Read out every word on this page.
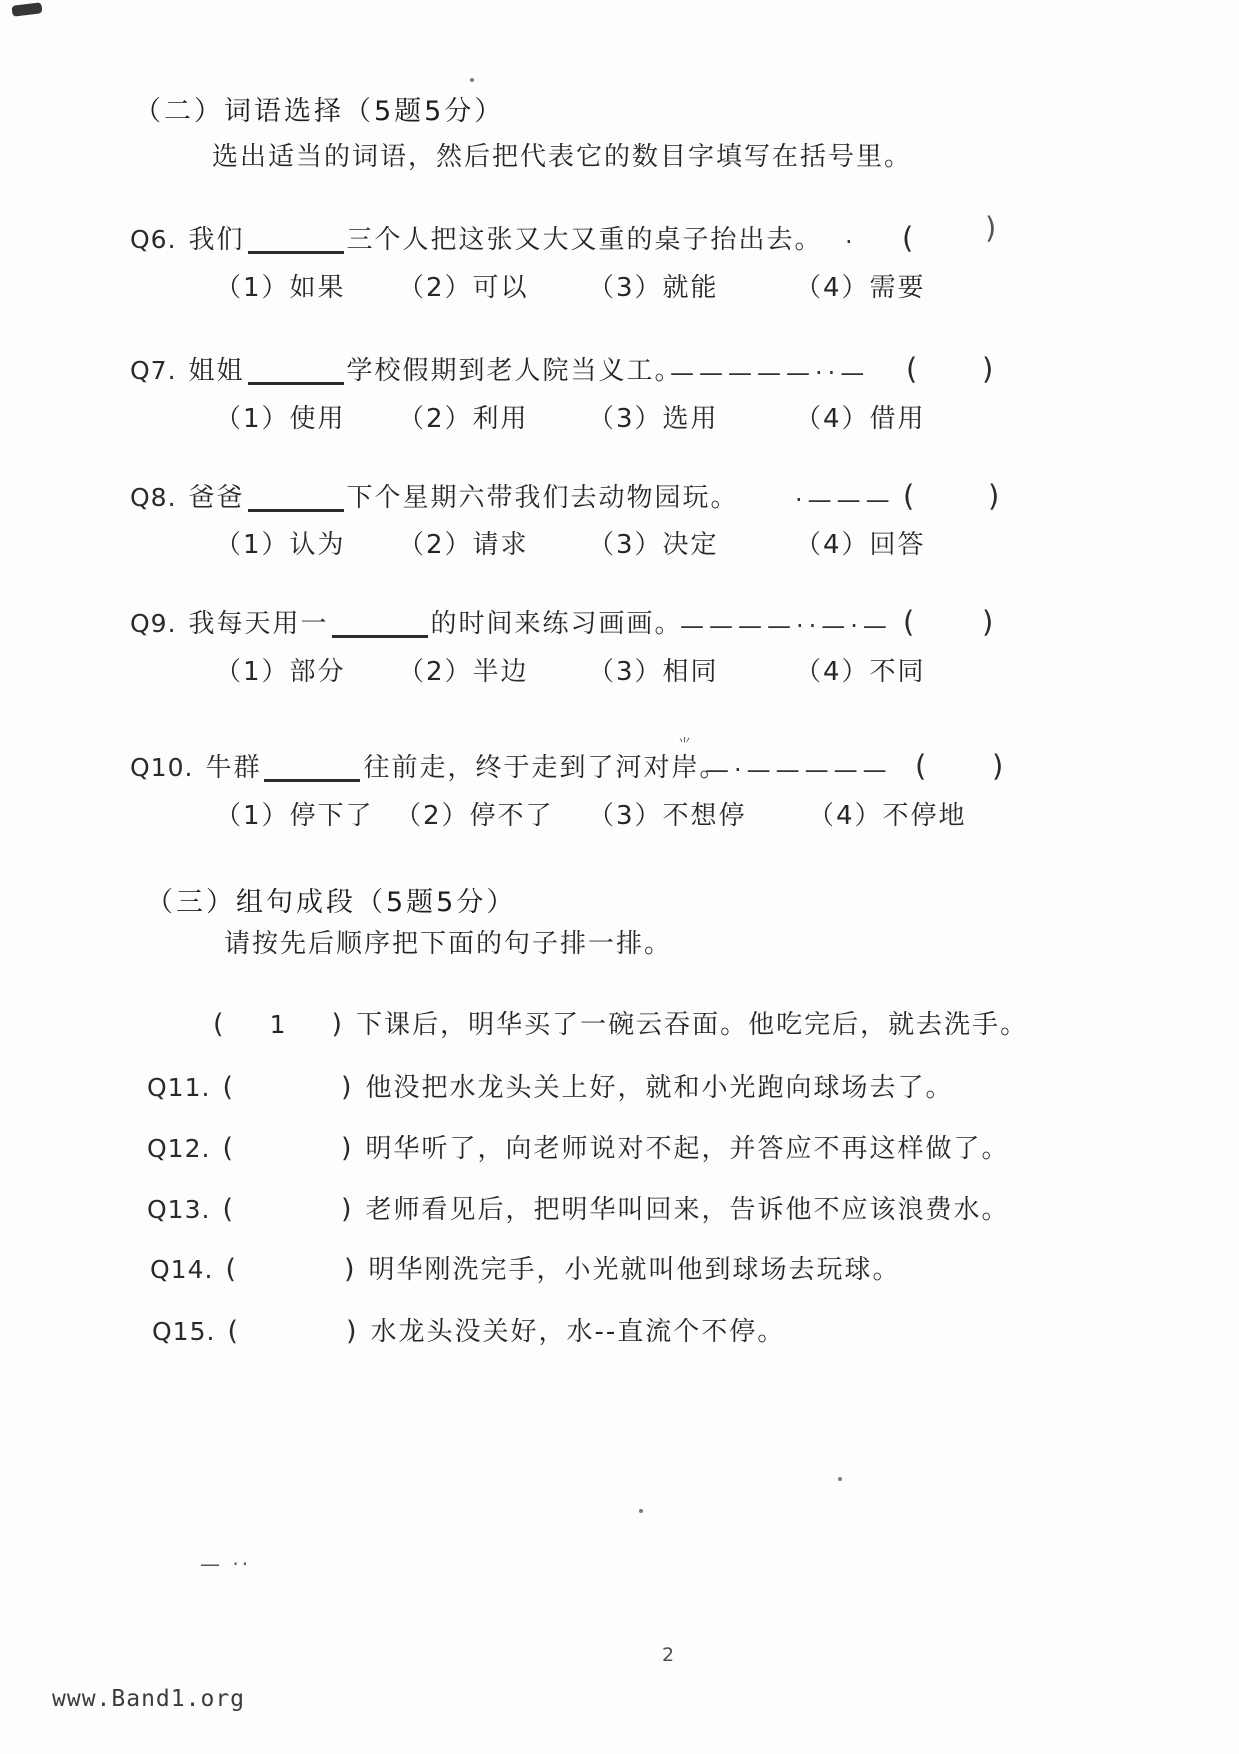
（二）词语选择（5题5分）
选出适当的词语，然后把代表它的数目字填写在括号里。
Q6. 我们	三个人把这张又大又重的桌子抬出去。 · ( )
（1）如果 （2）可以 （3）就能	（4）需要
Q7. 姐姐	学校假期到老人院当义工。
—————··— ( )
（1）使用 （2）利用 （3）选用	（4）借用
Q8. 爸爸	下个星期六带我们去动物园玩。 ·——— ( )
（1）认为 （2）请求 （3）决定	（4）回答
Q9. 我每天用一	的时间来练习画画。
————··—·— ( )
（1）部分 （2）半边 （3）相同	（4）不同
Q10. 牛群	往前走，终于走到了河对岸。
⺌
—·————— ( )
（1）停下了 （2）停不了 （3）不想停 （4）不停地
（三）组句成段（5题5分）
请按先后顺序把下面的句子排一排。
( 1 ) 下课后，明华买了一碗云吞面。他吃完后，就去洗手。
Q11. (	) 他没把水龙头关上好，就和小光跑向球场去了。
Q12. (	) 明华听了，向老师说对不起，并答应不再这样做了。
Q13. (	) 老师看见后，把明华叫回来，告诉他不应该浪费水。
Q14. (	) 明华刚洗完手，小光就叫他到球场去玩球。
Q15. (	) 水龙头没关好，水--直流个不停。
— ··
2
www.Band1.org
